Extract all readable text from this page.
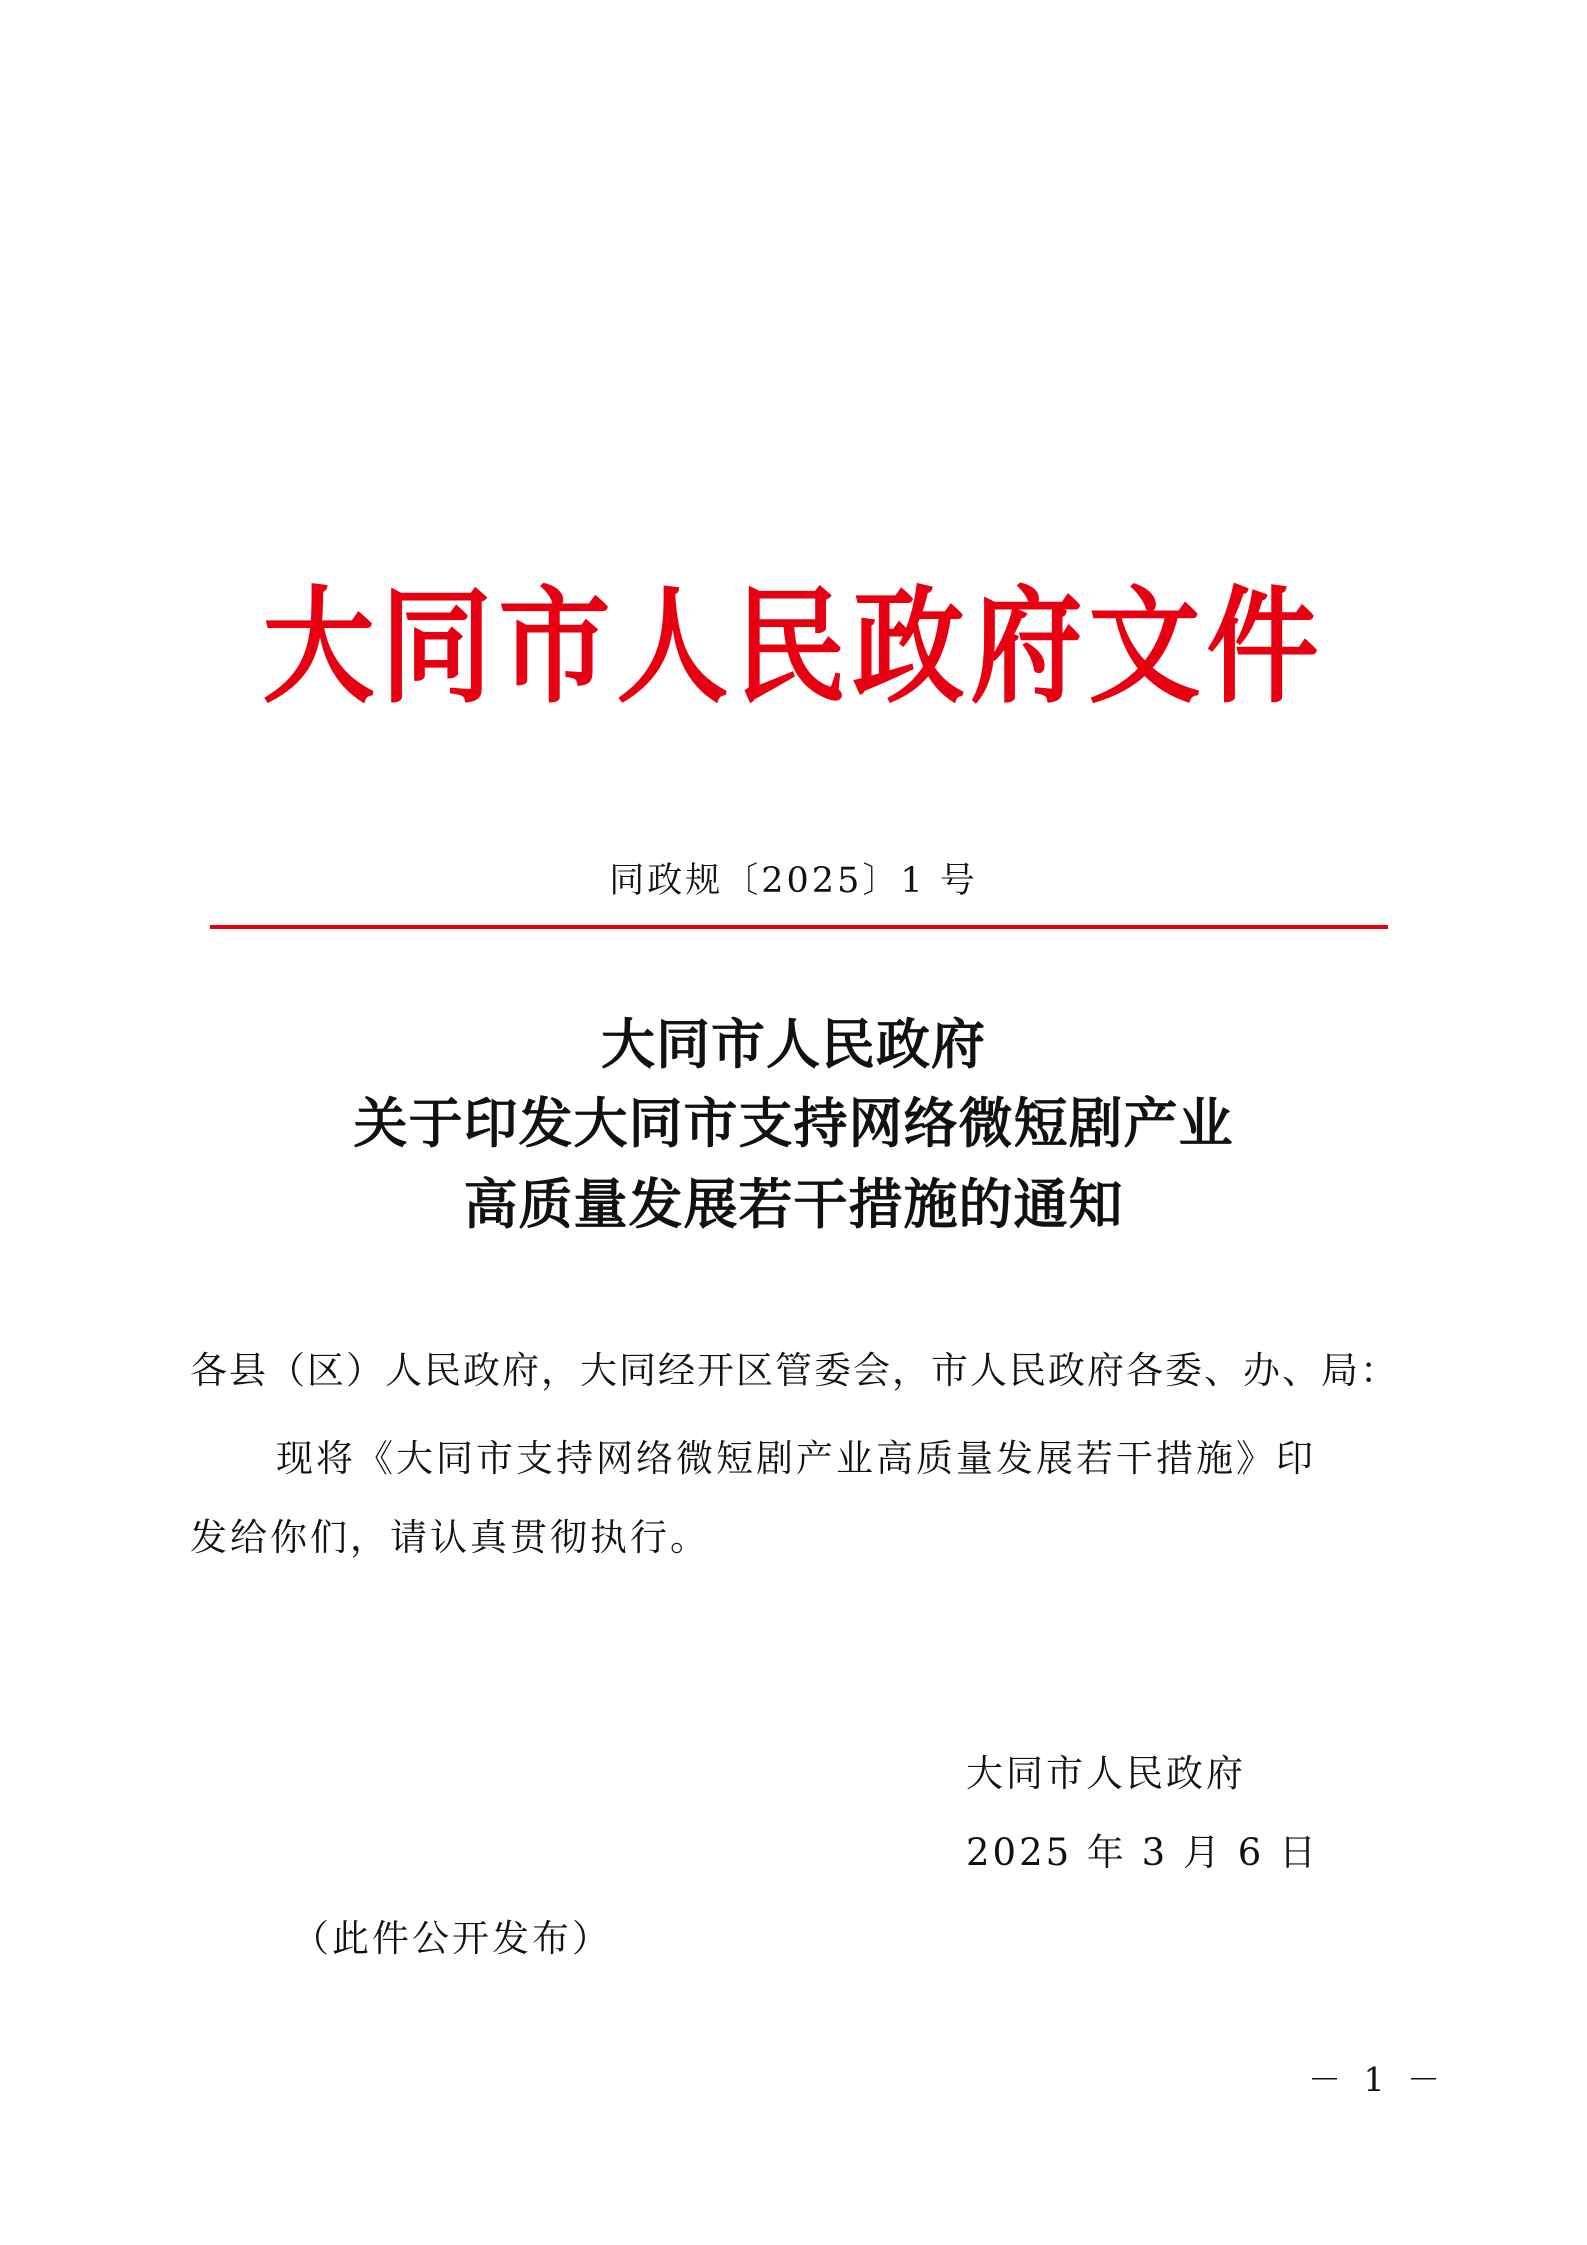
大同市人民政府文件
同政规〔2025〕1 号
大同市人民政府
关于印发大同市支持网络微短剧产业
高质量发展若干措施的通知
各县（区）人民政府，大同经开区管委会，市人民政府各委、办、局：
现将《大同市支持网络微短剧产业高质量发展若干措施》印
发给你们，请认真贯彻执行。
大同市人民政府
2025 年 3 月 6 日
（此件公开发布）
－ 1 －
